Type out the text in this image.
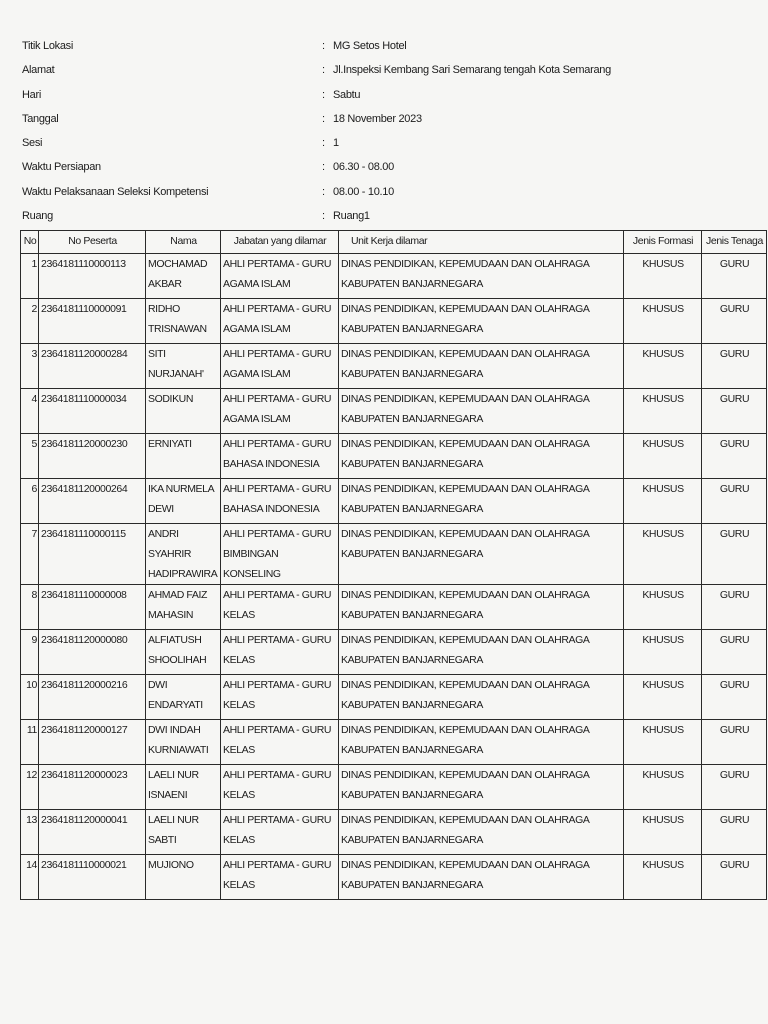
Titik Lokasi	: MG Setos Hotel
Alamat	: Jl.Inspeksi Kembang Sari Semarang tengah Kota Semarang
Hari	: Sabtu
Tanggal	: 18 November 2023
Sesi	: 1
Waktu Persiapan	: 06.30 - 08.00
Waktu Pelaksanaan Seleksi Kompetensi	: 08.00 - 10.10
Ruang	: Ruang1
No	No Peserta	Nama	Jabatan yang dilamar	Unit Kerja dilamar	Jenis Formasi	Jenis Tenaga
1	2364181110000113	MOCHAMAD AKBAR	AHLI PERTAMA - GURU AGAMA ISLAM	DINAS PENDIDIKAN, KEPEMUDAAN DAN OLAHRAGA KABUPATEN BANJARNEGARA	KHUSUS	GURU
2	2364181110000091	RIDHO TRISNAWAN	AHLI PERTAMA - GURU AGAMA ISLAM	DINAS PENDIDIKAN, KEPEMUDAAN DAN OLAHRAGA KABUPATEN BANJARNEGARA	KHUSUS	GURU
3	2364181120000284	SITI NURJANAH'	AHLI PERTAMA - GURU AGAMA ISLAM	DINAS PENDIDIKAN, KEPEMUDAAN DAN OLAHRAGA KABUPATEN BANJARNEGARA	KHUSUS	GURU
4	2364181110000034	SODIKUN	AHLI PERTAMA - GURU AGAMA ISLAM	DINAS PENDIDIKAN, KEPEMUDAAN DAN OLAHRAGA KABUPATEN BANJARNEGARA	KHUSUS	GURU
5	2364181120000230	ERNIYATI	AHLI PERTAMA - GURU BAHASA INDONESIA	DINAS PENDIDIKAN, KEPEMUDAAN DAN OLAHRAGA KABUPATEN BANJARNEGARA	KHUSUS	GURU
6	2364181120000264	IKA NURMELA DEWI	AHLI PERTAMA - GURU BAHASA INDONESIA	DINAS PENDIDIKAN, KEPEMUDAAN DAN OLAHRAGA KABUPATEN BANJARNEGARA	KHUSUS	GURU
7	2364181110000115	ANDRI SYAHRIR HADIPRAWIRA	AHLI PERTAMA - GURU BIMBINGAN KONSELING	DINAS PENDIDIKAN, KEPEMUDAAN DAN OLAHRAGA KABUPATEN BANJARNEGARA	KHUSUS	GURU
8	2364181110000008	AHMAD FAIZ MAHASIN	AHLI PERTAMA - GURU KELAS	DINAS PENDIDIKAN, KEPEMUDAAN DAN OLAHRAGA KABUPATEN BANJARNEGARA	KHUSUS	GURU
9	2364181120000080	ALFIATUSH SHOOLIHAH	AHLI PERTAMA - GURU KELAS	DINAS PENDIDIKAN, KEPEMUDAAN DAN OLAHRAGA KABUPATEN BANJARNEGARA	KHUSUS	GURU
10	2364181120000216	DWI ENDARYATI	AHLI PERTAMA - GURU KELAS	DINAS PENDIDIKAN, KEPEMUDAAN DAN OLAHRAGA KABUPATEN BANJARNEGARA	KHUSUS	GURU
11	2364181120000127	DWI INDAH KURNIAWATI	AHLI PERTAMA - GURU KELAS	DINAS PENDIDIKAN, KEPEMUDAAN DAN OLAHRAGA KABUPATEN BANJARNEGARA	KHUSUS	GURU
12	2364181120000023	LAELI NUR ISNAENI	AHLI PERTAMA - GURU KELAS	DINAS PENDIDIKAN, KEPEMUDAAN DAN OLAHRAGA KABUPATEN BANJARNEGARA	KHUSUS	GURU
13	2364181120000041	LAELI NUR SABTI	AHLI PERTAMA - GURU KELAS	DINAS PENDIDIKAN, KEPEMUDAAN DAN OLAHRAGA KABUPATEN BANJARNEGARA	KHUSUS	GURU
14	2364181110000021	MUJIONO	AHLI PERTAMA - GURU KELAS	DINAS PENDIDIKAN, KEPEMUDAAN DAN OLAHRAGA KABUPATEN BANJARNEGARA	KHUSUS	GURU
